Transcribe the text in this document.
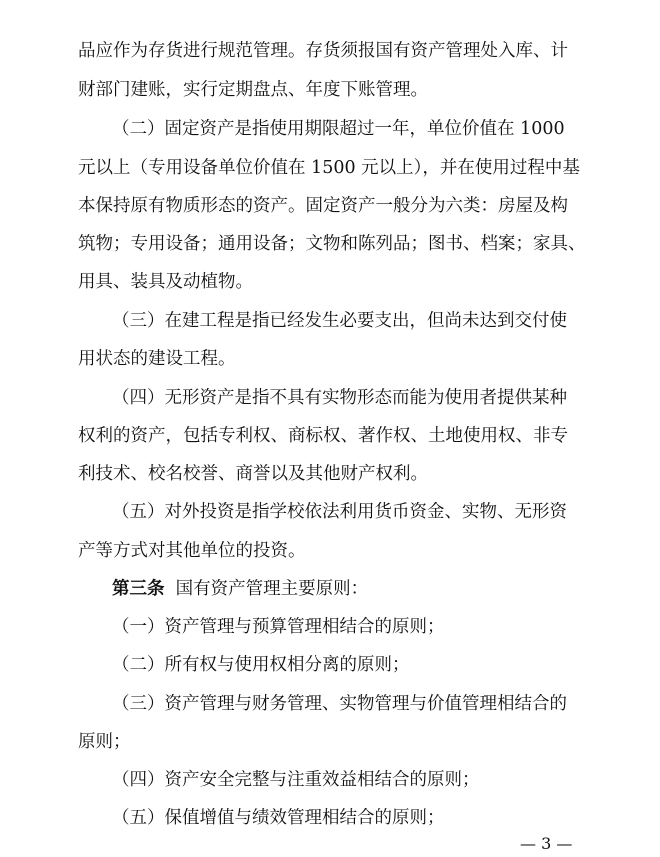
品应作为存货进行规范管理。存货须报国有资产管理处入库、计
财部门建账，实行定期盘点、年度下账管理。
（二）固定资产是指使用期限超过一年，单位价值在 1000
元以上（专用设备单位价值在 1500 元以上），并在使用过程中基
本保持原有物质形态的资产。固定资产一般分为六类：房屋及构
筑物；专用设备；通用设备；文物和陈列品；图书、档案；家具、
用具、装具及动植物。
（三）在建工程是指已经发生必要支出，但尚未达到交付使
用状态的建设工程。
（四）无形资产是指不具有实物形态而能为使用者提供某种
权利的资产，包括专利权、商标权、著作权、土地使用权、非专
利技术、校名校誉、商誉以及其他财产权利。
（五）对外投资是指学校依法利用货币资金、实物、无形资
产等方式对其他单位的投资。
第三条 国有资产管理主要原则：
（一）资产管理与预算管理相结合的原则；
（二）所有权与使用权相分离的原则；
（三）资产管理与财务管理、实物管理与价值管理相结合的
原则；
（四）资产安全完整与注重效益相结合的原则；
（五）保值增值与绩效管理相结合的原则；
— 3 —
